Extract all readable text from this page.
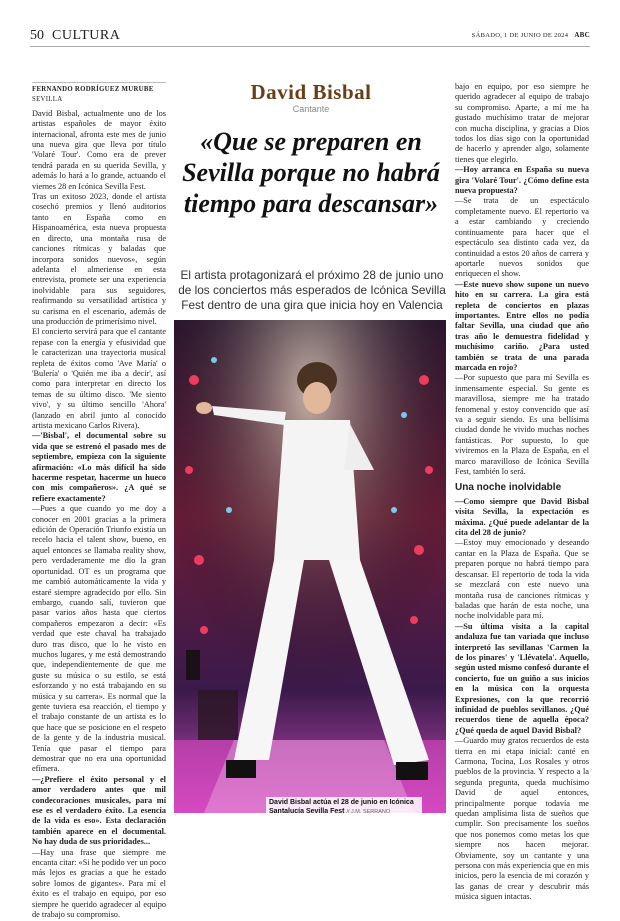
50 CULTURA	SÁBADO, 1 DE JUNIO DE 2024 ABC
FERNANDO RODRÍGUEZ MURUBE
SEVILLA

David Bisbal, actualmente uno de los artistas españoles de mayor éxito internacional, afronta este mes de junio una nueva gira que lleva por título 'Volaré Tour'. Como era de prever tendrá parada en su querida Sevilla, y además lo hará a lo grande, actuando el viernes 28 en Icónica Sevilla Fest.

Tras un exitoso 2023, donde el artista cosechó premios y llenó auditorios tanto en España como en Hispanoamérica, esta nueva propuesta en directo, una montaña rusa de canciones rítmicas y baladas que incorpora sonidos nuevos», según adelanta el almeriense en esta entrevista, promete ser una experiencia inolvidable para sus seguidores, reafirmando su versatilidad artística y su carisma en el escenario, además de una producción de primerísimo nivel.

El concierto servirá para que el cantante repase con la energía y efusividad que le caracterizan una trayectoria musical repleta de éxitos como 'Ave María' o 'Bulería' o 'Quién me iba a decir', así como para interpretar en directo los temas de su último disco. 'Me siento vivo', y su último sencillo 'Ahora' (lanzado en abril junto al conocido artista mexicano Carlos Rivera).

—'Bisbal', el documental sobre su vida que se estrenó el pasado mes de septiembre, empieza con la siguiente afirmación: «Lo más difícil ha sido hacerme respetar, hacerme un hueco con mis compañeros». ¿A qué se refiere exactamente?

—Pues a que cuando yo me doy a conocer en 2001 gracias a la primera edición de Operación Triunfo existía un recelo hacia el talent show, bueno, en aquel entonces se llamaba reality show, pero verdaderamente me dio la gran oportunidad. OT es un programa que me cambió automáticamente la vida y estaré siempre agradecido por ello. Sin embargo, cuando salí, tuvieron que pasar varios años hasta que ciertos compañeros empezaron a decir: «Es verdad que este chaval ha trabajado duro tras disco, que lo he visto en muchos lugares, y me está demostrando que, independientemente de que me guste su música o su estilo, se está esforzando y no está trabajando en su música y su carrera». Es normal que la gente tuviera esa reacción, el tiempo y el trabajo constante de un artista es lo que hace que se posicione en el respeto de la gente y de la industria musical. Tenía que pasar el tiempo para demostrar que no era una oportunidad efímera.

—¿Prefiere el éxito personal y el amor verdadero antes que mil condecoraciones musicales, para mí ese es el verdadero éxito. La esencia de la vida es eso». Esta declaración también aparece en el documental. No hay duda de sus prioridades...

—Hay una frase que siempre me encanta citar: «Si he podido ver un poco más lejos es gracias a que he estado sobre lomos de gigantes». Para mí el éxito es el trabajo en equipo, por eso siempre he querido agradecer al equipo de trabajo su compromiso.

David Bisbal
Cantante
«Que se preparen en Sevilla porque no habrá tiempo para descansar»
El artista protagonizará el próximo 28 de junio uno de los conciertos más esperados de Icónica Sevilla Fest dentro de una gira que inicia hoy en Valencia
David Bisbal actúa el 28 de junio en Icónica Santalucía Sevilla Fest // J.M. SERRANO

bajo en equipo, por eso siempre he querido agradecer al equipo de trabajo su compromiso. Aparte, a mí me ha gustado muchísimo tratar de mejorar con mucha disciplina, y gracias a Dios todos los días sigo con la oportunidad de hacerlo y aprender algo, solamente tienes que elegirlo.

—Hoy arranca en España su nueva gira 'Volaré Tour'. ¿Cómo define esta nueva propuesta?

—Se trata de un espectáculo completamente nuevo. El repertorio va a estar cambiando y creciendo continuamente para hacer que el espectáculo sea distinto cada vez, da continuidad a estos 20 años de carrera y aportarle nuevos sonidos que enriquecen el show.

—Este nuevo show supone un nuevo hito en su carrera. La gira está repleta de conciertos en plazas importantes. Entre ellos no podía faltar Sevilla, una ciudad que año tras año le demuestra fidelidad y muchísimo cariño. ¿Para usted también se trata de una parada marcada en rojo?

—Por supuesto que para mí Sevilla es inmensamente especial. Su gente es maravillosa, siempre me ha tratado fenomenal y estoy convencido que así va a seguir siendo. Es una bellísima ciudad donde he vivido muchas noches fantásticas. Por supuesto, lo que viviremos en la Plaza de España, en el marco maravilloso de Icónica Sevilla Fest, también lo será.

Una noche inolvidable

—Como siempre que David Bisbal visita Sevilla, la expectación es máxima. ¿Qué puede adelantar de la cita del 28 de junio?

—Estoy muy emocionado y deseando cantar en la Plaza de España. Que se preparen porque no habrá tiempo para descansar. El repertorio de toda la vida se mezclará con este nuevo una montaña rusa de canciones rítmicas y baladas que harán de esta noche, una noche inolvidable para mí.

—Su última visita a la capital andaluza fue tan variada que incluso interpretó las sevillanas 'Carmen la de los pinares' y 'Llévatela'. Aquello, según usted mismo confesó durante el concierto, fue un guiño a sus inicios en la música con la orquesta Expresiones, con la que recorrió infinidad de pueblos sevillanos. ¿Qué recuerdos tiene de aquella época? ¿Qué queda de aquel David Bisbal?

—Guardo muy gratos recuerdos de esta tierra en mi etapa inicial: canté en Carmona, Tocina, Los Rosales y otros pueblos de la provincia. Y respecto a la segunda pregunta, queda muchísimo David de aquel entonces, principalmente porque todavía me quedan amplísima lista de sueños que cumplir. Son precisamente los sueños que nos ponemos como metas los que siempre nos hacen mejorar. Obviamente, soy un cantante y una persona con más experiencia que en mis inicios, pero la esencia de mi corazón y las ganas de crear y descubrir más música siguen intactas.
